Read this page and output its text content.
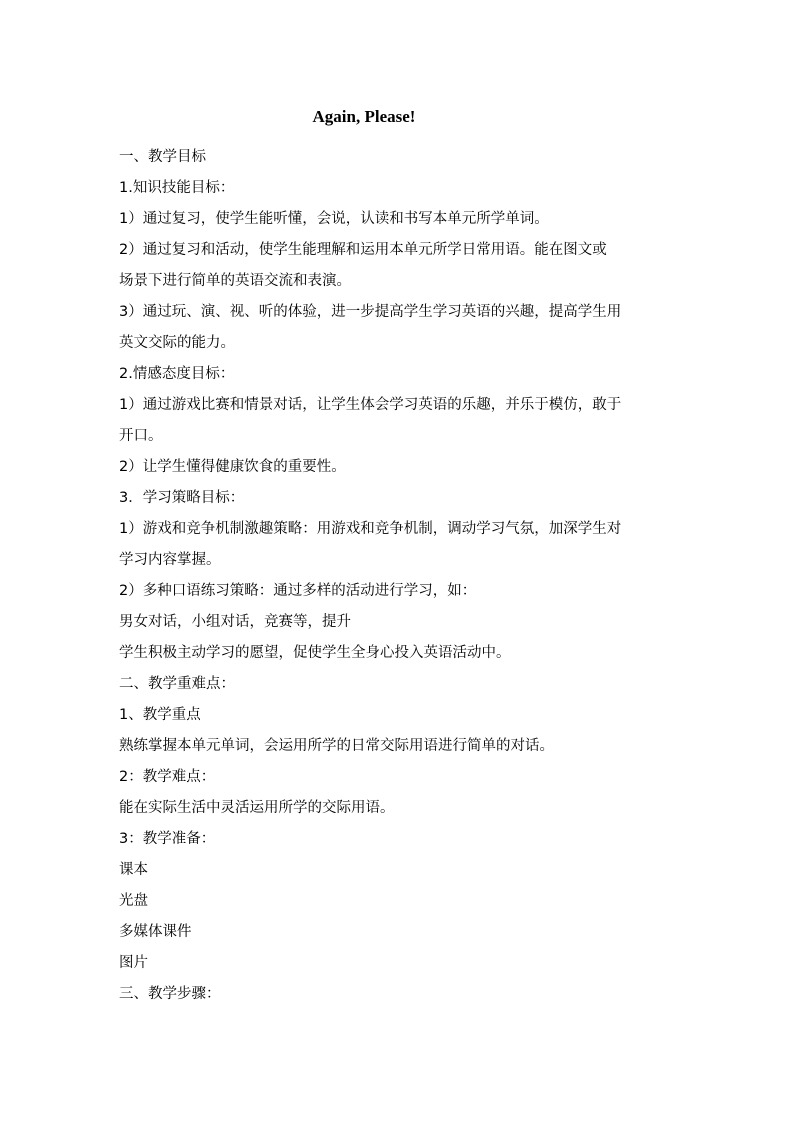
Again, Please!
一、教学目标
1.知识技能目标：
1）通过复习，使学生能听懂，会说，认读和书写本单元所学单词。
2）通过复习和活动，使学生能理解和运用本单元所学日常用语。能在图文或
场景下进行简单的英语交流和表演。
3）通过玩、演、视、听的体验，进一步提高学生学习英语的兴趣，提高学生用
英文交际的能力。
2.情感态度目标：
1）通过游戏比赛和情景对话，让学生体会学习英语的乐趣，并乐于模仿，敢于
开口。
2）让学生懂得健康饮食的重要性。
3．学习策略目标：
1）游戏和竞争机制激趣策略：用游戏和竞争机制，调动学习气氛，加深学生对
学习内容掌握。
2）多种口语练习策略：通过多样的活动进行学习，如：
男女对话，小组对话，竞赛等，提升
学生积极主动学习的愿望，促使学生全身心投入英语活动中。
二、教学重难点：
1、教学重点
熟练掌握本单元单词，会运用所学的日常交际用语进行简单的对话。
2：教学难点：
能在实际生活中灵活运用所学的交际用语。
3：教学准备：
课本
光盘
多媒体课件
图片
三、教学步骤：
